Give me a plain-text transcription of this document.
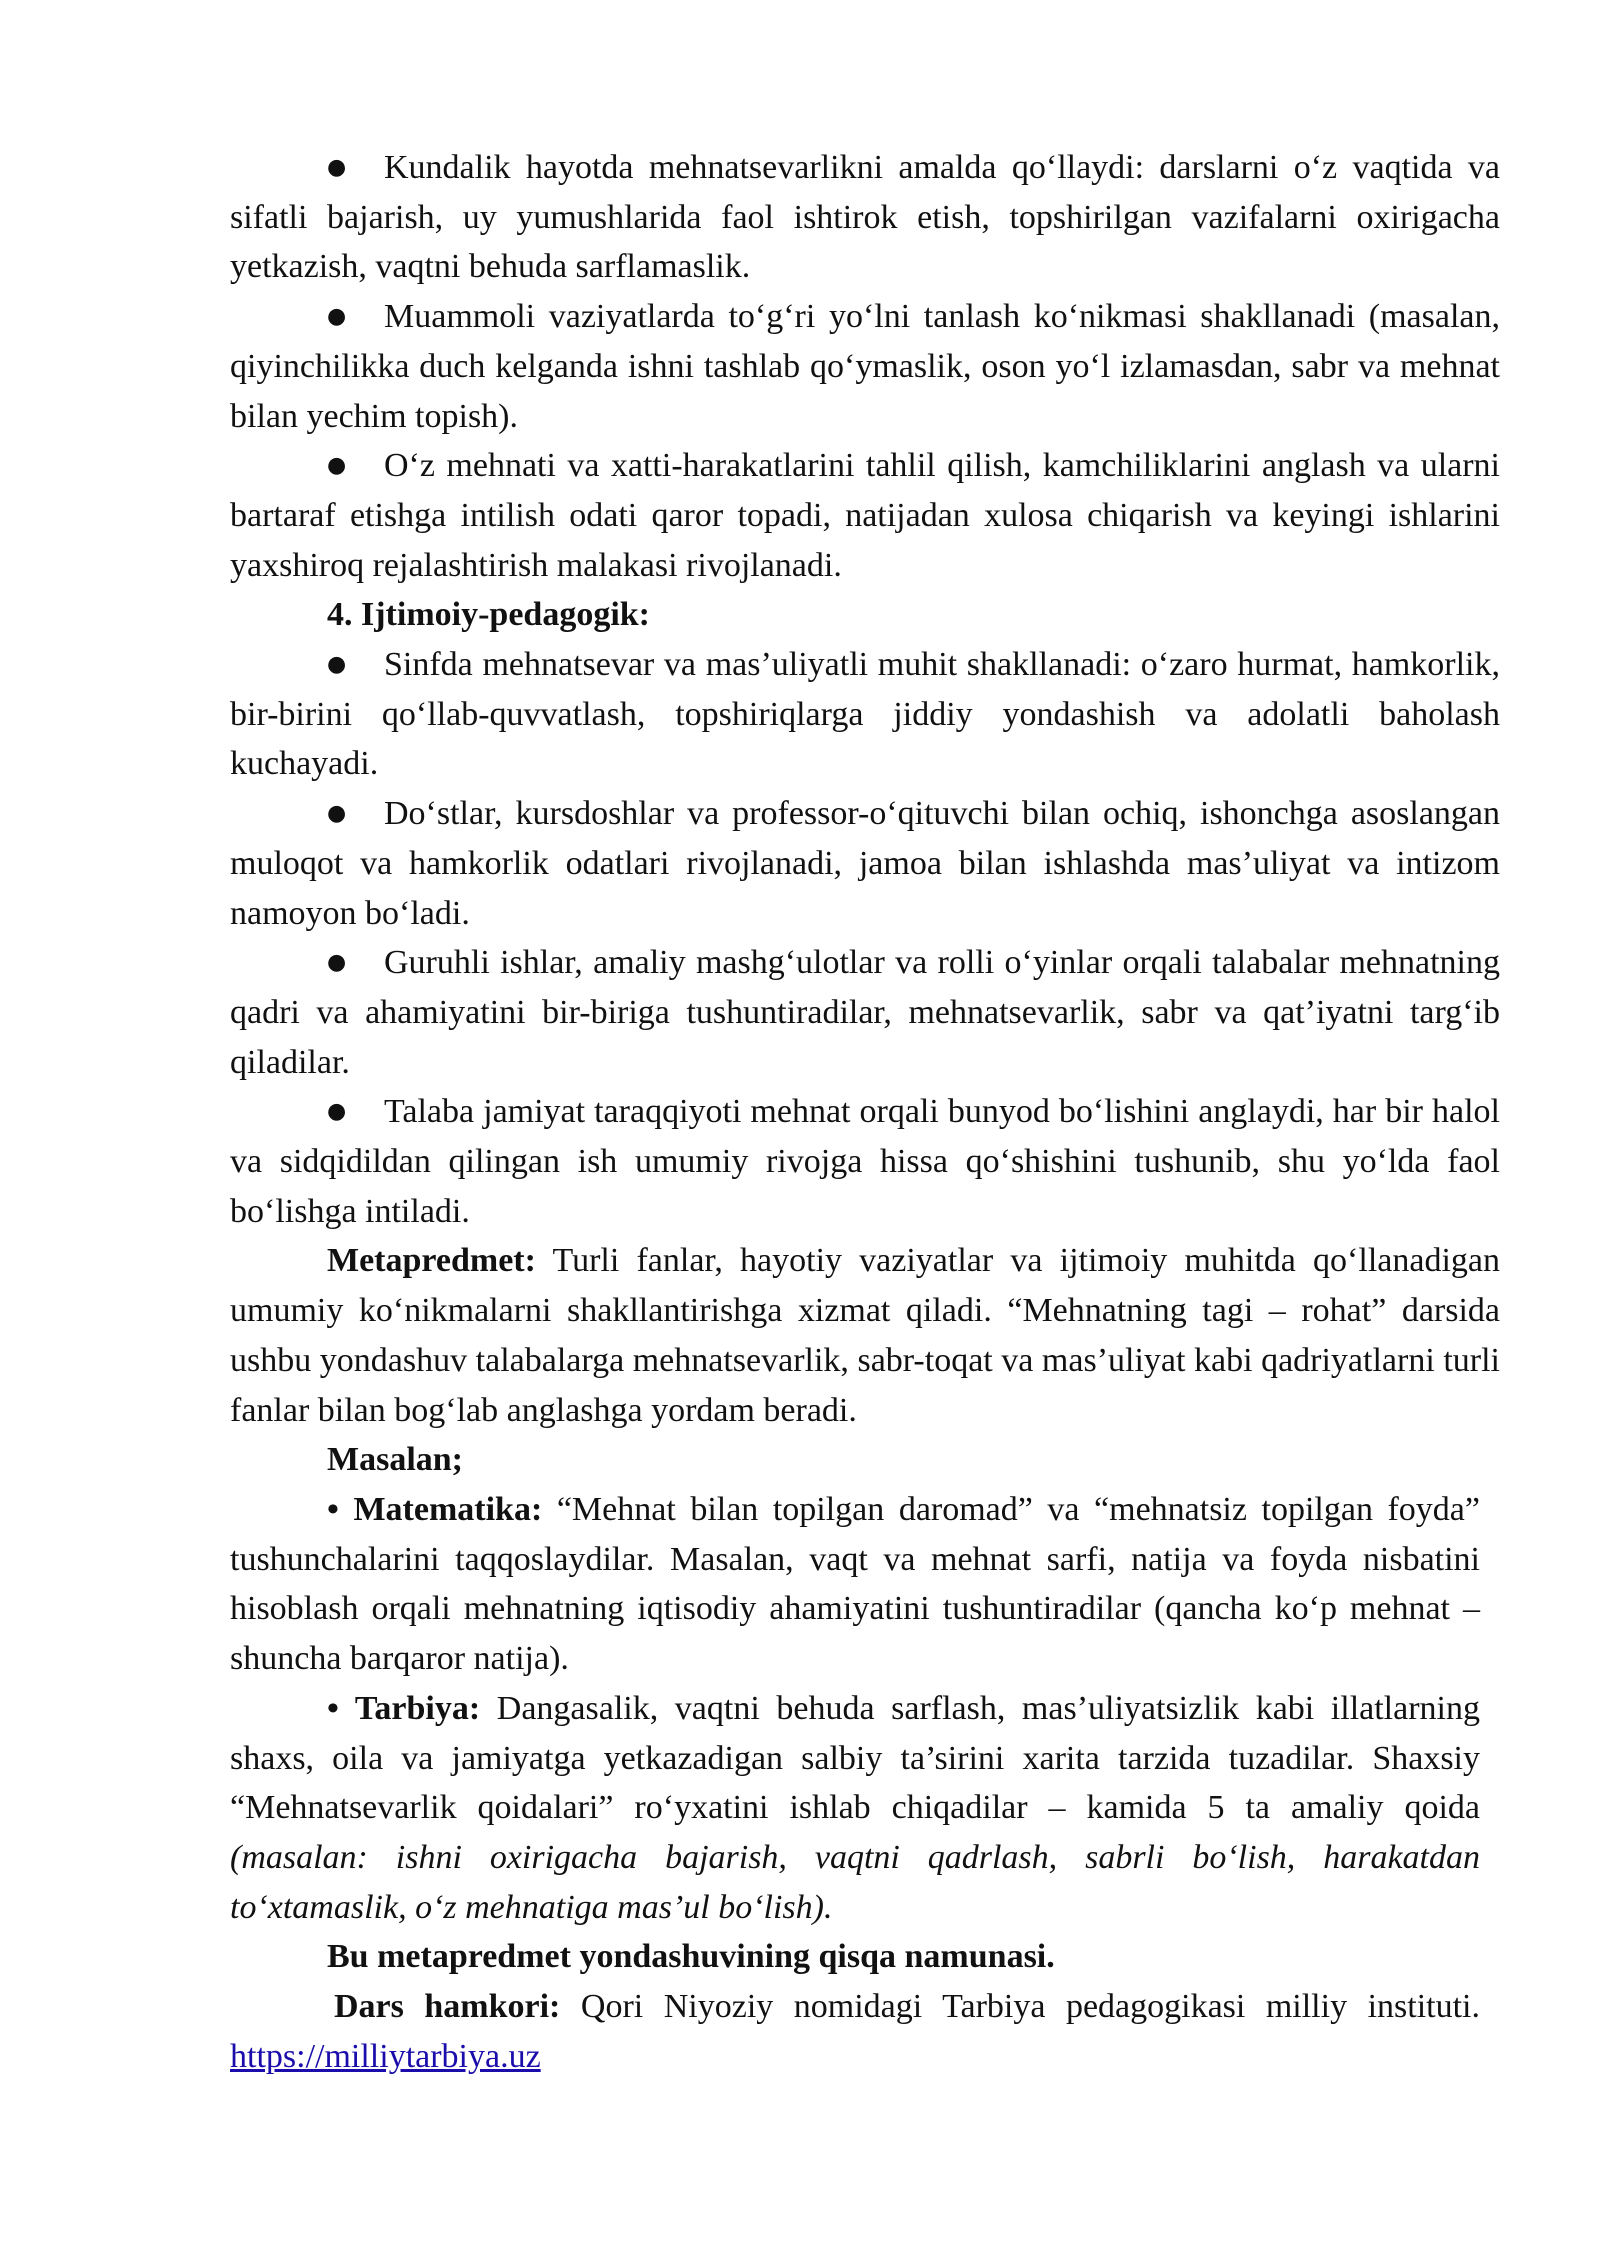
● Kundalik hayotda mehnatsevarlikni amalda qo‘llaydi: darslarni o‘z vaqtida va sifatli bajarish, uy yumushlarida faol ishtirok etish, topshirilgan vazifalarni oxirigacha yetkazish, vaqtni behuda sarflamaslik.

● Muammoli vaziyatlarda to‘g‘ri yo‘lni tanlash ko‘nikmasi shakllanadi (masalan, qiyinchilikka duch kelganda ishni tashlab qo‘ymaslik, oson yo‘l izlamasdan, sabr va mehnat bilan yechim topish).

● O‘z mehnati va xatti-harakatlarini tahlil qilish, kamchiliklarini anglash va ularni bartaraf etishga intilish odati qaror topadi, natijadan xulosa chiqarish va keyingi ishlarini yaxshiroq rejalashtirish malakasi rivojlanadi.

4. Ijtimoiy-pedagogik:

● Sinfda mehnatsevar va mas’uliyatli muhit shakllanadi: o‘zaro hurmat, hamkorlik, bir-birini qo‘llab-quvvatlash, topshiriqlarga jiddiy yondashish va adolatli baholash kuchayadi.

● Do‘stlar, kursdoshlar va professor-o‘qituvchi bilan ochiq, ishonchga asoslangan muloqot va hamkorlik odatlari rivojlanadi, jamoa bilan ishlashda mas’uliyat va intizom namoyon bo‘ladi.

● Guruhli ishlar, amaliy mashg‘ulotlar va rolli o‘yinlar orqali talabalar mehnatning qadri va ahamiyatini bir-biriga tushuntiradilar, mehnatsevarlik, sabr va qat’iyatni targ‘ib qiladilar.

● Talaba jamiyat taraqqiyoti mehnat orqali bunyod bo‘lishini anglaydi, har bir halol va sidqidildan qilingan ish umumiy rivojga hissa qo‘shishini tushunib, shu yo‘lda faol bo‘lishga intiladi.

Metapredmet: Turli fanlar, hayotiy vaziyatlar va ijtimoiy muhitda qo‘llanadigan umumiy ko‘nikmalarni shakllantirishga xizmat qiladi. “Mehnatning tagi – rohat” darsida ushbu yondashuv talabalarga mehnatsevarlik, sabr-toqat va mas’uliyat kabi qadriyatlarni turli fanlar bilan bog‘lab anglashga yordam beradi.

Masalan;

• Matematika: “Mehnat bilan topilgan daromad” va “mehnatsiz topilgan foyda” tushunchalarini taqqoslaydilar. Masalan, vaqt va mehnat sarfi, natija va foyda nisbatini hisoblash orqali mehnatning iqtisodiy ahamiyatini tushuntiradilar (qancha ko‘p mehnat – shuncha barqaror natija).

• Tarbiya: Dangasalik, vaqtni behuda sarflash, mas’uliyatsizlik kabi illatlarning shaxs, oila va jamiyatga yetkazadigan salbiy ta’sirini xarita tarzida tuzadilar. Shaxsiy “Mehnatsevarlik qoidalari” ro‘yxatini ishlab chiqadilar – kamida 5 ta amaliy qoida (masalan: ishni oxirigacha bajarish, vaqtni qadrlash, sabrli bo‘lish, harakatdan to‘xtamaslik, o‘z mehnatiga mas’ul bo‘lish).

Bu metapredmet yondashuvining qisqa namunasi.

Dars hamkori: Qori Niyoziy nomidagi Tarbiya pedagogikasi milliy instituti. https://milliytarbiya.uz
